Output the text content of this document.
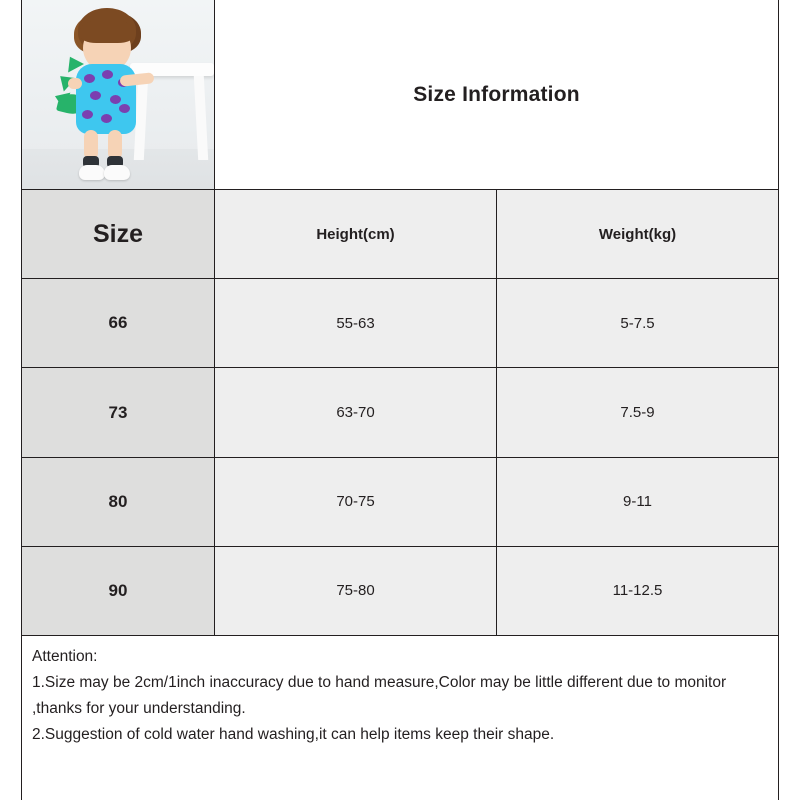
Size Information
Size	Height(cm)	Weight(kg)
66	55-63	5-7.5
73	63-70	7.5-9
80	70-75	9-11
90	75-80	11-12.5
Attention:
1.Size may be 2cm/1inch inaccuracy due to hand measure,Color may be little different due to monitor ,thanks for your understanding.
2.Suggestion of cold water hand washing,it can help items keep their shape.
